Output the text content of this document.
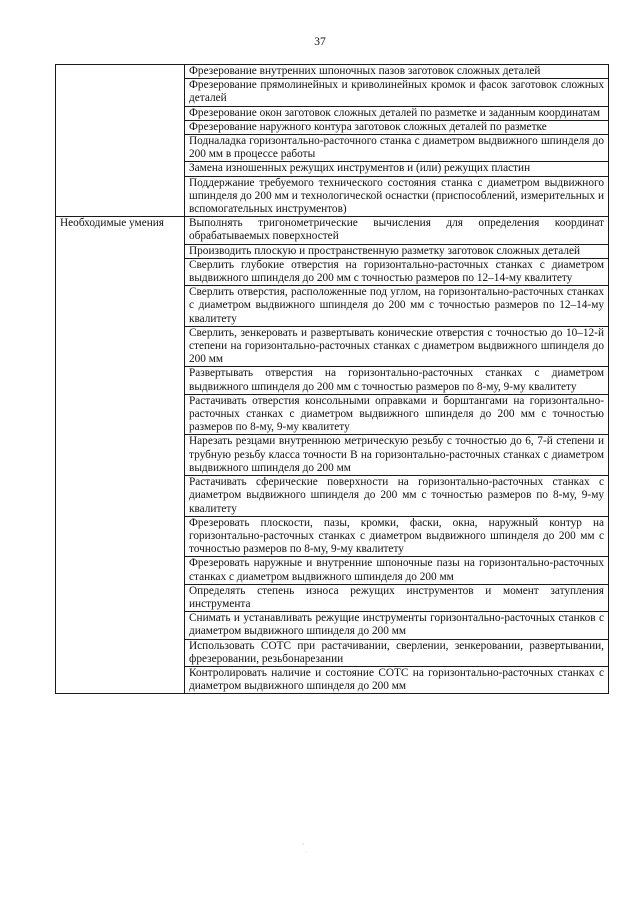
37
	Фрезерование внутренних шпоночных пазов заготовок сложных деталей
	Фрезерование прямолинейных и криволинейных кромок и фасок заготовок сложных деталей
	Фрезерование окон заготовок сложных деталей по разметке и заданным координатам
	Фрезерование наружного контура заготовок сложных деталей по разметке
	Подналадка горизонтально-расточного станка с диаметром выдвижного шпинделя до 200 мм в процессе работы
	Замена изношенных режущих инструментов и (или) режущих пластин
	Поддержание требуемого технического состояния станка с диаметром выдвижного шпинделя до 200 мм и технологической оснастки (приспособлений, измерительных и вспомогательных инструментов)
Необходимые умения	Выполнять тригонометрические вычисления для определения координат обрабатываемых поверхностей
	Производить плоскую и пространственную разметку заготовок сложных деталей
	Сверлить глубокие отверстия на горизонтально-расточных станках с диаметром выдвижного шпинделя до 200 мм с точностью размеров по 12–14-му квалитету
	Сверлить отверстия, расположенные под углом, на горизонтально-расточных станках с диаметром выдвижного шпинделя до 200 мм с точностью размеров по 12–14-му квалитету
	Сверлить, зенкеровать и развертывать конические отверстия с точностью до 10–12-й степени на горизонтально-расточных станках с диаметром выдвижного шпинделя до 200 мм
	Развертывать отверстия на горизонтально-расточных станках с диаметром выдвижного шпинделя до 200 мм с точностью размеров по 8-му, 9-му квалитету
	Растачивать отверстия консольными оправками и борштангами на горизонтально-расточных станках с диаметром выдвижного шпинделя до 200 мм с точностью размеров по 8-му, 9-му квалитету
	Нарезать резцами внутреннюю метрическую резьбу с точностью до 6, 7-й степени и трубную резьбу класса точности В на горизонтально-расточных станках с диаметром выдвижного шпинделя до 200 мм
	Растачивать сферические поверхности на горизонтально-расточных станках с диаметром выдвижного шпинделя до 200 мм с точностью размеров по 8-му, 9-му квалитету
	Фрезеровать плоскости, пазы, кромки, фаски, окна, наружный контур на горизонтально-расточных станках с диаметром выдвижного шпинделя до 200 мм с точностью размеров по 8-му, 9-му квалитету
	Фрезеровать наружные и внутренние шпоночные пазы на горизонтально-расточных станках с диаметром выдвижного шпинделя до 200 мм
	Определять степень износа режущих инструментов и момент затупления инструмента
	Снимать и устанавливать режущие инструменты горизонтально-расточных станков с диаметром выдвижного шпинделя до 200 мм
	Использовать СОТС при растачивании, сверлении, зенкеровании, развертывании, фрезеровании, резьбонарезании
	Контролировать наличие и состояние СОТС на горизонтально-расточных станках с диаметром выдвижного шпинделя до 200 мм
